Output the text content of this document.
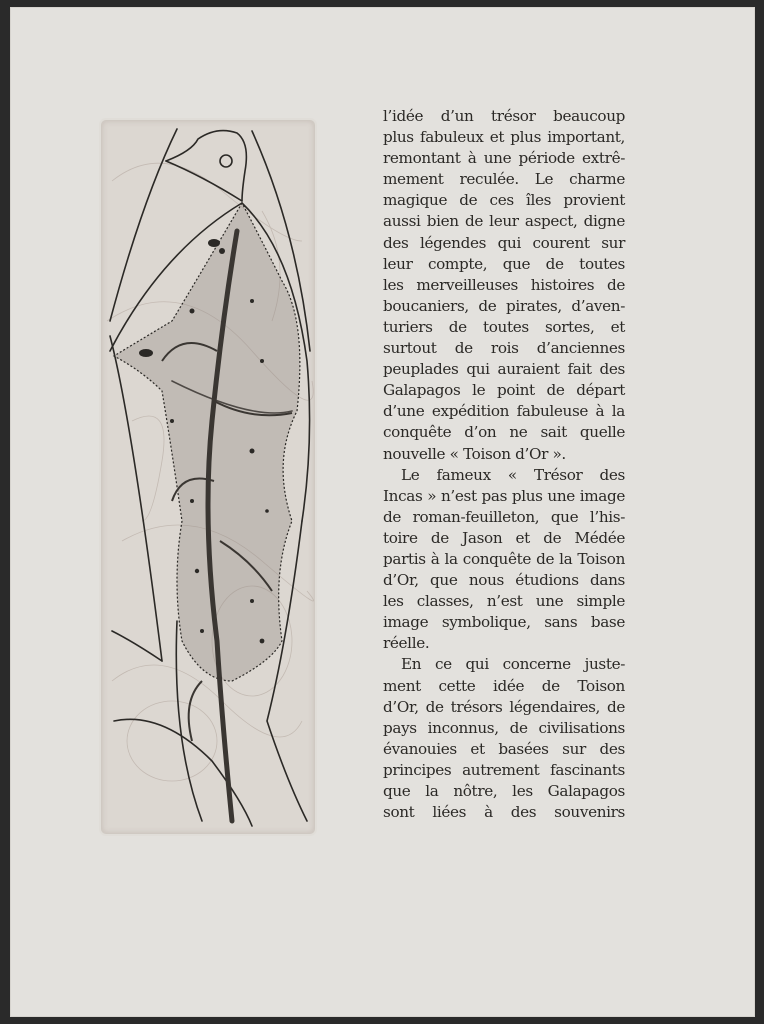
l’idée d’un trésor beaucoup
plus fabuleux et plus important,
remontant à une période extrê-
mement reculée. Le charme
magique de ces îles provient
aussi bien de leur aspect, digne
des légendes qui courent sur
leur compte, que de toutes
les merveilleuses histoires de
boucaniers, de pirates, d’aven-
turiers de toutes sortes, et
surtout de rois d’anciennes
peuplades qui auraient fait des
Galapagos le point de départ
d’une expédition fabuleuse à la
conquête d’on ne sait quelle
nouvelle « Toison d’Or ».
Le fameux « Trésor des
Incas » n’est pas plus une image
de roman-feuilleton, que l’his-
toire de Jason et de Médée
partis à la conquête de la Toison
d’Or, que nous étudions dans
les classes, n’est une simple
image symbolique, sans base
réelle.
En ce qui concerne juste-
ment cette idée de Toison
d’Or, de trésors légendaires, de
pays inconnus, de civilisations
évanouies et basées sur des
principes autrement fascinants
que la nôtre, les Galapagos
sont liées à des souvenirs
